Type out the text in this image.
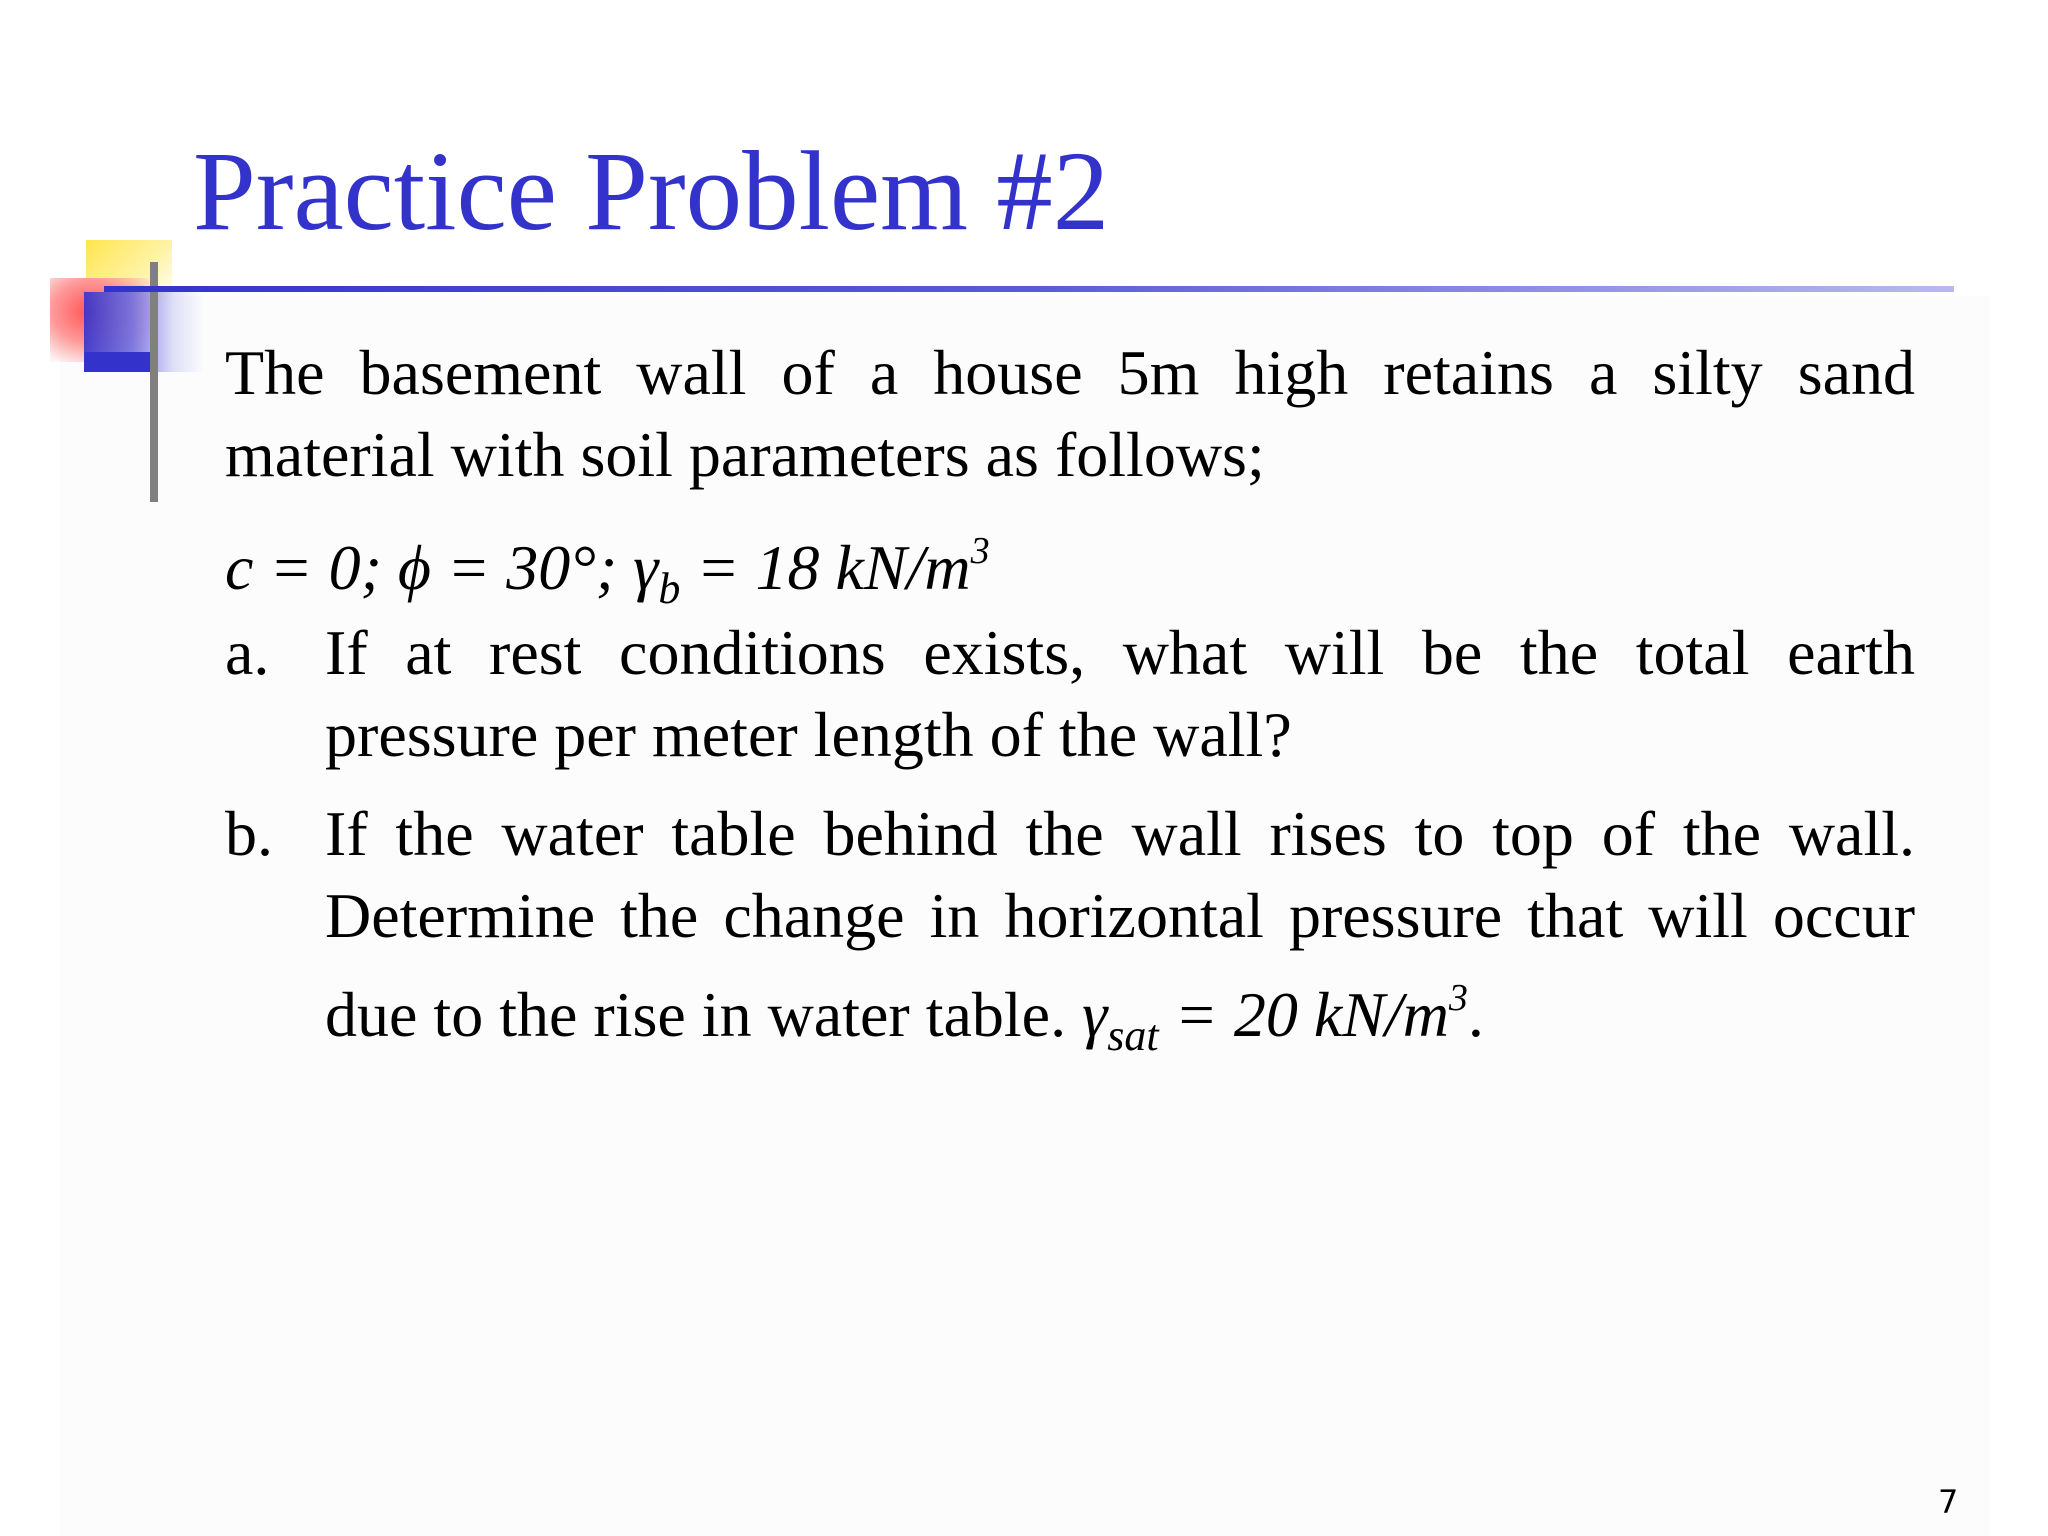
Practice Problem #2
The basement wall of a house 5m high retains a silty sand material with soil parameters as follows;
c = 0; ϕ = 30°; $\gamma_b = 18$ $kN/m^3$
a. If at rest conditions exists, what will be the total earth pressure per meter length of the wall?
b. If the water table behind the wall rises to top of the wall. Determine the change in horizontal pressure that will occur due to the rise in water table. $\gamma_{sat} = 20$ $kN/m^3$.
7
